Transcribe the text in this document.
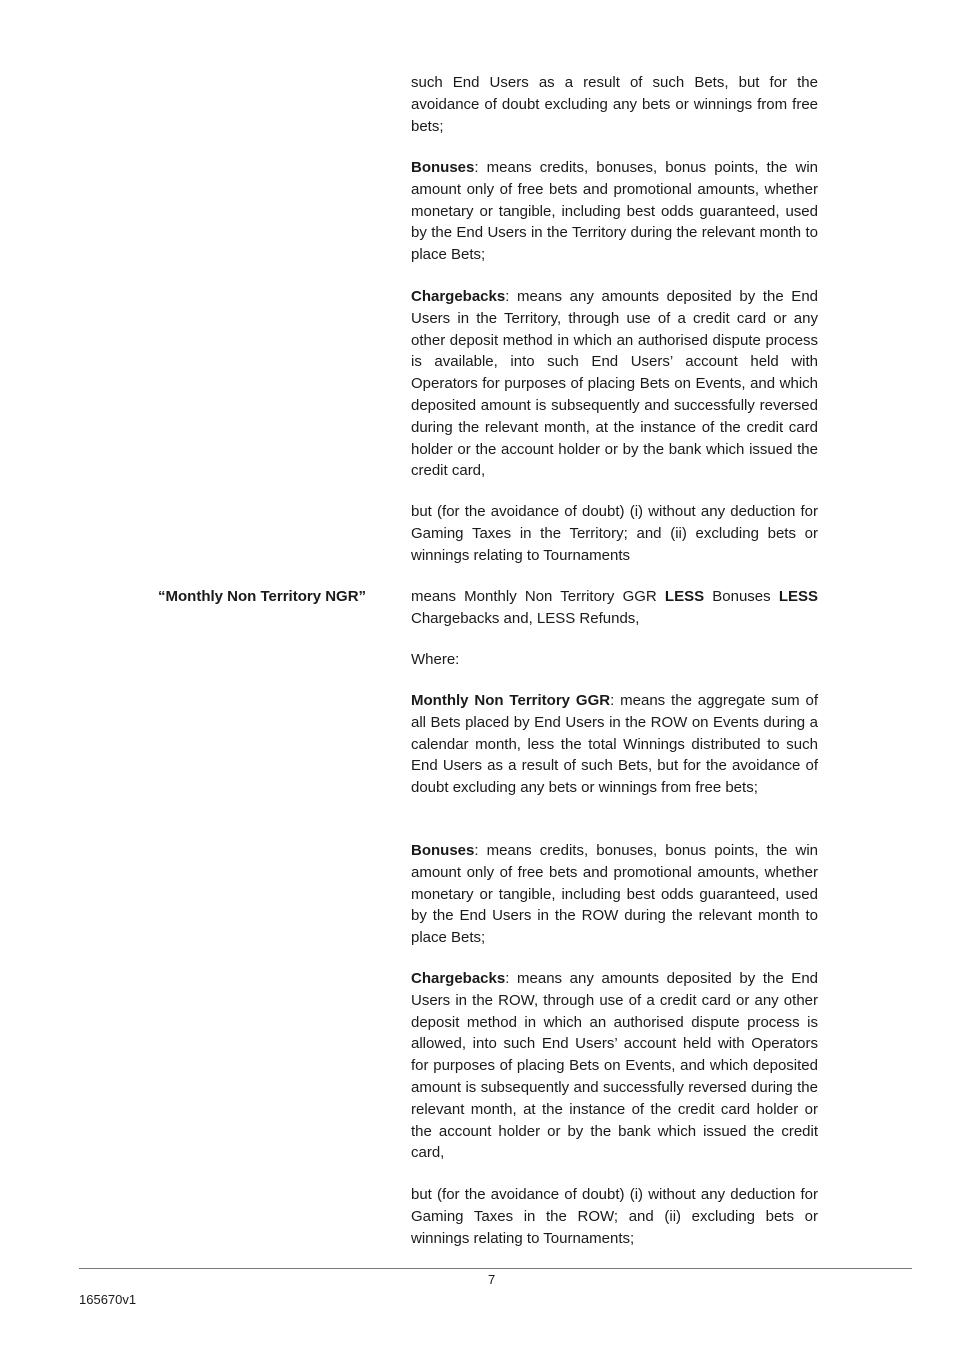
such End Users as a result of such Bets, but for the avoidance of doubt excluding any bets or winnings from free bets;

Bonuses: means credits, bonuses, bonus points, the win amount only of free bets and promotional amounts, whether monetary or tangible, including best odds guaranteed, used by the End Users in the Territory during the relevant month to place Bets;

Chargebacks: means any amounts deposited by the End Users in the Territory, through use of a credit card or any other deposit method in which an authorised dispute process is available, into such End Users’ account held with Operators for purposes of placing Bets on Events, and which deposited amount is subsequently and successfully reversed during the relevant month, at the instance of the credit card holder or the account holder or by the bank which issued the credit card,

but (for the avoidance of doubt) (i) without any deduction for Gaming Taxes in the Territory; and (ii) excluding bets or winnings relating to Tournaments

“Monthly Non Territory NGR”	means Monthly Non Territory GGR LESS Bonuses LESS Chargebacks and, LESS Refunds,

Where:

Monthly Non Territory GGR: means the aggregate sum of all Bets placed by End Users in the ROW on Events during a calendar month, less the total Winnings distributed to such End Users as a result of such Bets, but for the avoidance of doubt excluding any bets or winnings from free bets;

Bonuses: means credits, bonuses, bonus points, the win amount only of free bets and promotional amounts, whether monetary or tangible, including best odds guaranteed, used by the End Users in the ROW during the relevant month to place Bets;

Chargebacks: means any amounts deposited by the End Users in the ROW, through use of a credit card or any other deposit method in which an authorised dispute process is allowed, into such End Users’ account held with Operators for purposes of placing Bets on Events, and which deposited amount is subsequently and successfully reversed during the relevant month, at the instance of the credit card holder or the account holder or by the bank which issued the credit card,

but (for the avoidance of doubt) (i) without any deduction for Gaming Taxes in the ROW; and (ii) excluding bets or winnings relating to Tournaments;

7
165670v1
